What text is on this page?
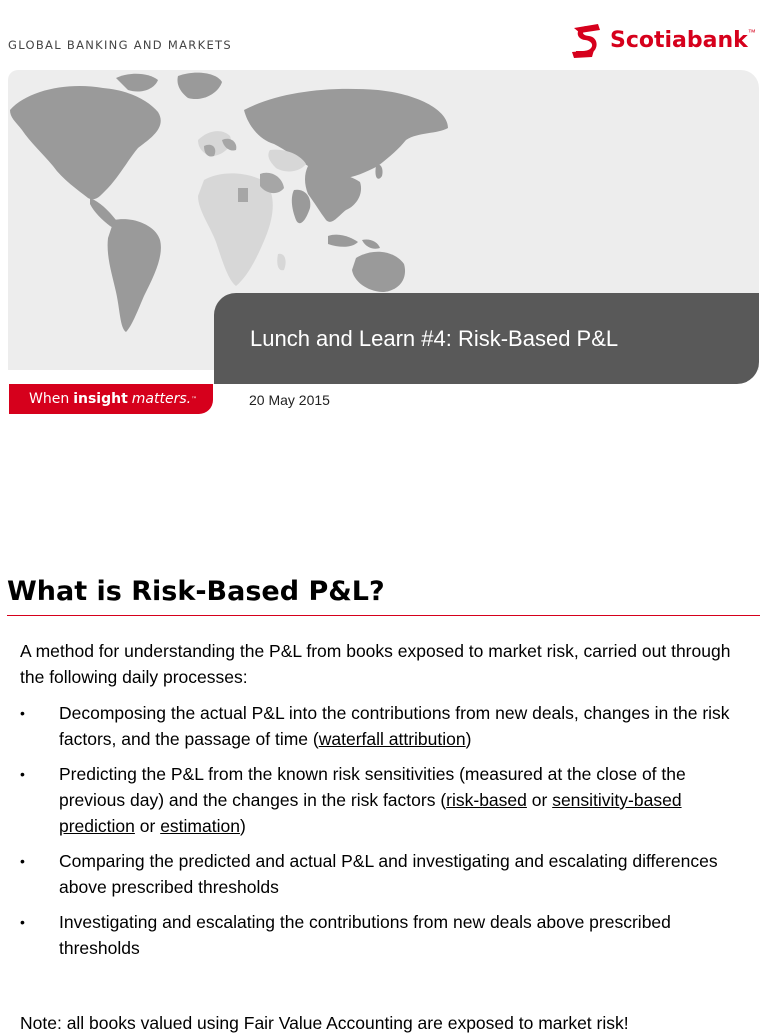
GLOBAL BANKING AND MARKETS	Scotiabank ™
Lunch and Learn #4: Risk-Based P&L
When insight matters. ™	20 May 2015
What is Risk-Based P&L?
A method for understanding the P&L from books exposed to market risk, carried out through the following daily processes:
• Decomposing the actual P&L into the contributions from new deals, changes in the risk factors, and the passage of time (waterfall attribution)
• Predicting the P&L from the known risk sensitivities (measured at the close of the previous day) and the changes in the risk factors (risk-based or sensitivity-based prediction or estimation)
• Comparing the predicted and actual P&L and investigating and escalating differences above prescribed thresholds
• Investigating and escalating the contributions from new deals above prescribed thresholds
Note: all books valued using Fair Value Accounting are exposed to market risk!
